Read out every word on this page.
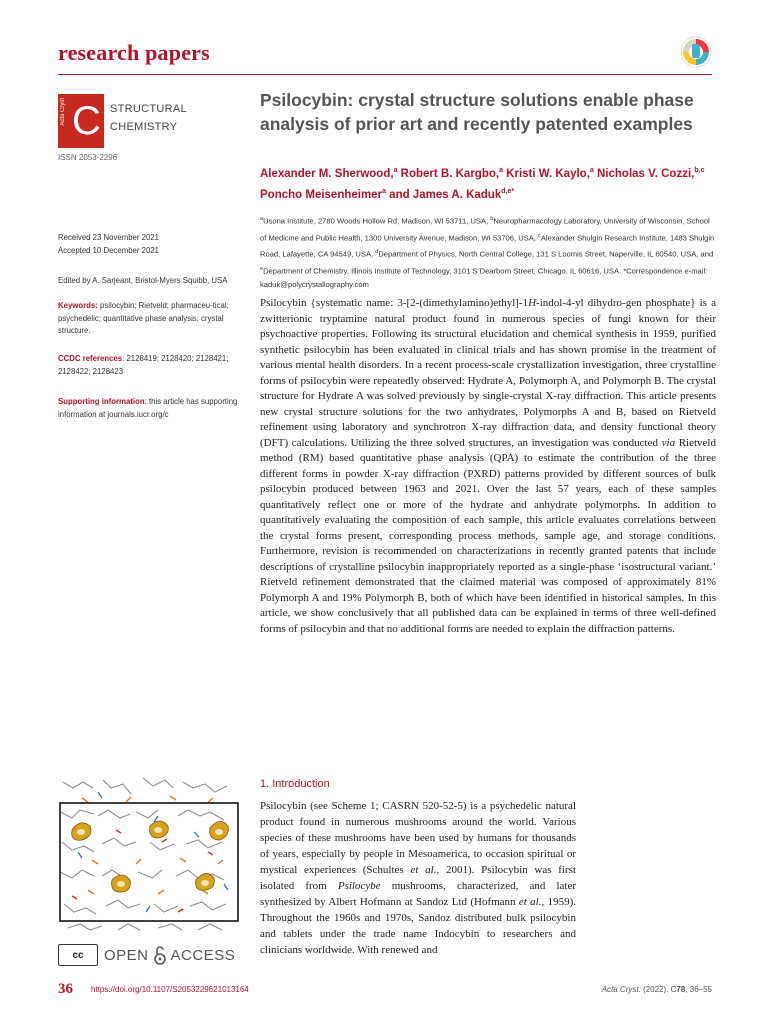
research papers
Acta Cryst C STRUCTURAL
CHEMISTRY
ISSN 2053-2296
Psilocybin: crystal structure solutions enable phase analysis of prior art and recently patented examples
Alexander M. Sherwood,$^a$ Robert B. Kargbo,$^a$ Kristi W. Kaylo,$^a$ Nicholas V. Cozzi,$^{b,c}$ Poncho Meisenheimer$^a$ and James A. Kaduk$^{d,e*}$
$^a$Usona Institute, 2780 Woods Hollow Rd, Madison, WI 53711, USA, $^b$Neuropharmacology Laboratory, University of Wisconsin, School of Medicine and Public Health, 1300 University Avenue, Madison, WI 53706, USA, $^c$Alexander Shulgin Research Institute, 1483 Shulgin Road, Lafayette, CA 94549, USA, $^d$Department of Physics, North Central College, 131 S Loomis Street, Naperville, IL 60540, USA, and $^e$Department of Chemistry, Illinois Institute of Technology, 3101 S Dearborn Street, Chicago, IL 60616, USA. *Correspondence e-mail: kaduk@polycrystallography.com
Received 23 November 2021
Accepted 10 December 2021
Edited by A. Sarjeant, Bristol-Myers Squibb, USA
Keywords: psilocybin; Rietveld; pharmaceu-tical; psychedelic; quantitative phase analysis; crystal structure.
CCDC references: 2128419; 2128420; 2128421; 2128422; 2128423
Supporting information: this article has supporting information at journals.iucr.org/c
Psilocybin {systematic name: 3-[2-(dimethylamino)ethyl]-1H-indol-4-yl dihydro-gen phosphate} is a zwitterionic tryptamine natural product found in numerous species of fungi known for their psychoactive properties. Following its structural elucidation and chemical synthesis in 1959, purified synthetic psilocybin has been evaluated in clinical trials and has shown promise in the treatment of various mental health disorders. In a recent process-scale crystallization investigation, three crystalline forms of psilocybin were repeatedly observed: Hydrate A, Polymorph A, and Polymorph B. The crystal structure for Hydrate A was solved previously by single-crystal X-ray diffraction. This article presents new crystal structure solutions for the two anhydrates, Polymorphs A and B, based on Rietveld refinement using laboratory and synchrotron X-ray diffraction data, and density functional theory (DFT) calculations. Utilizing the three solved structures, an investigation was conducted via Rietveld method (RM) based quantitative phase analysis (QPA) to estimate the contribution of the three different forms in powder X-ray diffraction (PXRD) patterns provided by different sources of bulk psilocybin produced between 1963 and 2021. Over the last 57 years, each of these samples quantitatively reflect one or more of the hydrate and anhydrate polymorphs. In addition to quantitatively evaluating the composition of each sample, this article evaluates correlations between the crystal forms present, corresponding process methods, sample age, and storage conditions. Furthermore, revision is recommended on characterizations in recently granted patents that include descriptions of crystalline psilocybin inappropriately reported as a single-phase ‘isostructural variant.’ Rietveld refinement demonstrated that the claimed material was composed of approximately 81% Polymorph A and 19% Polymorph B, both of which have been identified in historical samples. In this article, we show conclusively that all published data can be explained in terms of three well-defined forms of psilocybin and that no additional forms are needed to explain the diffraction patterns.
1. Introduction
Psilocybin (see Scheme 1; CASRN 520-52-5) is a psychedelic natural product found in numerous mushrooms around the world. Various species of these mushrooms have been used by humans for thousands of years, especially by people in Mesoamerica, to occasion spiritual or mystical experiences (Schultes et al., 2001). Psilocybin was first isolated from Psilocybe mushrooms, characterized, and later synthesized by Albert Hofmann at Sandoz Ltd (Hofmann et al., 1959). Throughout the 1960s and 1970s, Sandoz distributed bulk psilocybin and tablets under the trade name Indocybin to researchers and clinicians worldwide. With renewed and
cc OPEN ACCESS
36 https://doi.org/10.1107/S2053229621013164	Acta Cryst. (2022). C78, 36–55
